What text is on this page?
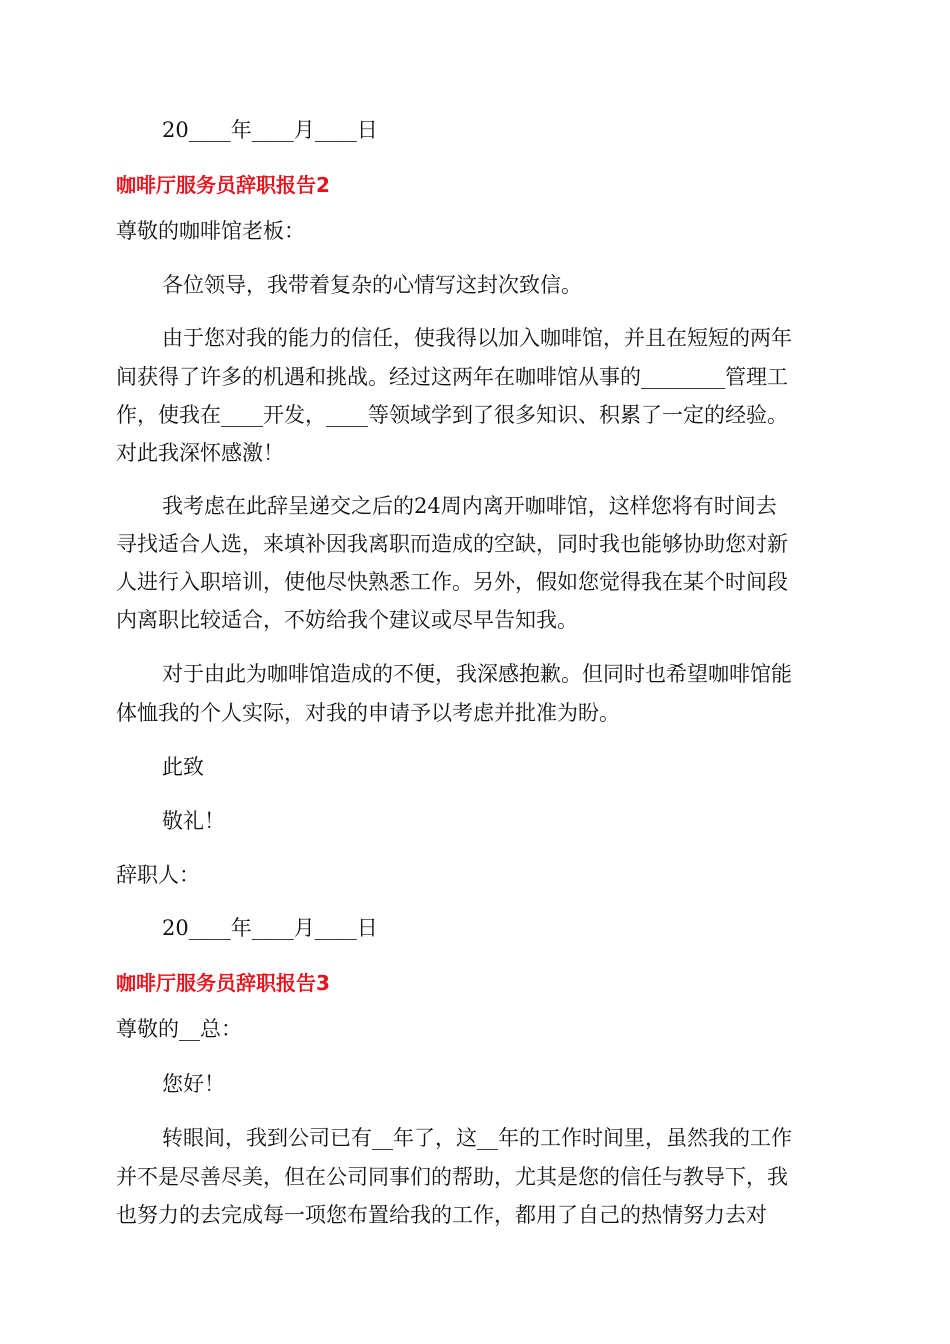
20____年____月____日
咖啡厅服务员辞职报告2
尊敬的咖啡馆老板：
各位领导，我带着复杂的心情写这封次致信。
由于您对我的能力的信任，使我得以加入咖啡馆，并且在短短的两年
间获得了许多的机遇和挑战。经过这两年在咖啡馆从事的________管理工
作，使我在____开发，____等领域学到了很多知识、积累了一定的经验。
对此我深怀感激！
我考虑在此辞呈递交之后的24周内离开咖啡馆，这样您将有时间去
寻找适合人选，来填补因我离职而造成的空缺，同时我也能够协助您对新
人进行入职培训，使他尽快熟悉工作。另外，假如您觉得我在某个时间段
内离职比较适合，不妨给我个建议或尽早告知我。
对于由此为咖啡馆造成的不便，我深感抱歉。但同时也希望咖啡馆能
体恤我的个人实际，对我的申请予以考虑并批准为盼。
此致
敬礼！
辞职人：
20____年____月____日
咖啡厅服务员辞职报告3
尊敬的__总：
您好！
转眼间，我到公司已有__年了，这__年的工作时间里，虽然我的工作
并不是尽善尽美，但在公司同事们的帮助，尤其是您的信任与教导下，我
也努力的去完成每一项您布置给我的工作，都用了自己的热情努力去对
